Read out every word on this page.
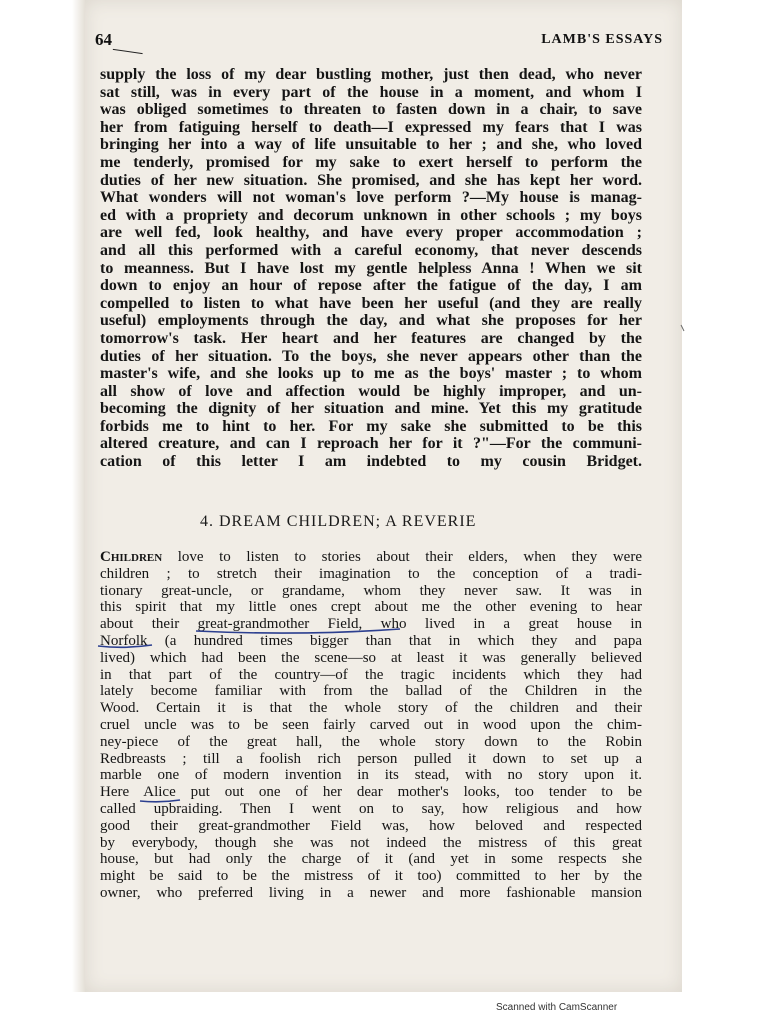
64	LAMB'S ESSAYS
supply the loss of my dear bustling mother, just then dead, who never
sat still, was in every part of the house in a moment, and whom I
was obliged sometimes to threaten to fasten down in a chair, to save
her from fatiguing herself to death—I expressed my fears that I was
bringing her into a way of life unsuitable to her ; and she, who loved
me tenderly, promised for my sake to exert herself to perform the
duties of her new situation. She promised, and she has kept her word.
What wonders will not woman's love perform ?—My house is manag-
ed with a propriety and decorum unknown in other schools ; my boys
are well fed, look healthy, and have every proper accommodation ;
and all this performed with a careful economy, that never descends
to meanness. But I have lost my gentle helpless Anna ! When we sit
down to enjoy an hour of repose after the fatigue of the day, I am
compelled to listen to what have been her useful (and they are really
useful) employments through the day, and what she proposes for her
tomorrow's task. Her heart and her features are changed by the
duties of her situation. To the boys, she never appears other than the
master's wife, and she looks up to me as the boys' master ; to whom
all show of love and affection would be highly improper, and un-
becoming the dignity of her situation and mine. Yet this my gratitude
forbids me to hint to her. For my sake she submitted to be this
altered creature, and can I reproach her for it ?"—For the communi-
cation of this letter I am indebted to my cousin Bridget.
4. DREAM CHILDREN; A REVERIE
Children love to listen to stories about their elders, when they were
children ; to stretch their imagination to the conception of a tradi-
tionary great-uncle, or grandame, whom they never saw. It was in
this spirit that my little ones crept about me the other evening to hear
about their great-grandmother Field, who lived in a great house in
Norfolk (a hundred times bigger than that in which they and papa
lived) which had been the scene—so at least it was generally believed
in that part of the country—of the tragic incidents which they had
lately become familiar with from the ballad of the Children in the
Wood. Certain it is that the whole story of the children and their
cruel uncle was to be seen fairly carved out in wood upon the chim-
ney-piece of the great hall, the whole story down to the Robin
Redbreasts ; till a foolish rich person pulled it down to set up a
marble one of modern invention in its stead, with no story upon it.
Here Alice put out one of her dear mother's looks, too tender to be
called upbraiding. Then I went on to say, how religious and how
good their great-grandmother Field was, how beloved and respected
by everybody, though she was not indeed the mistress of this great
house, but had only the charge of it (and yet in some respects she
might be said to be the mistress of it too) committed to her by the
owner, who preferred living in a newer and more fashionable mansion
Scanned with CamScanner
